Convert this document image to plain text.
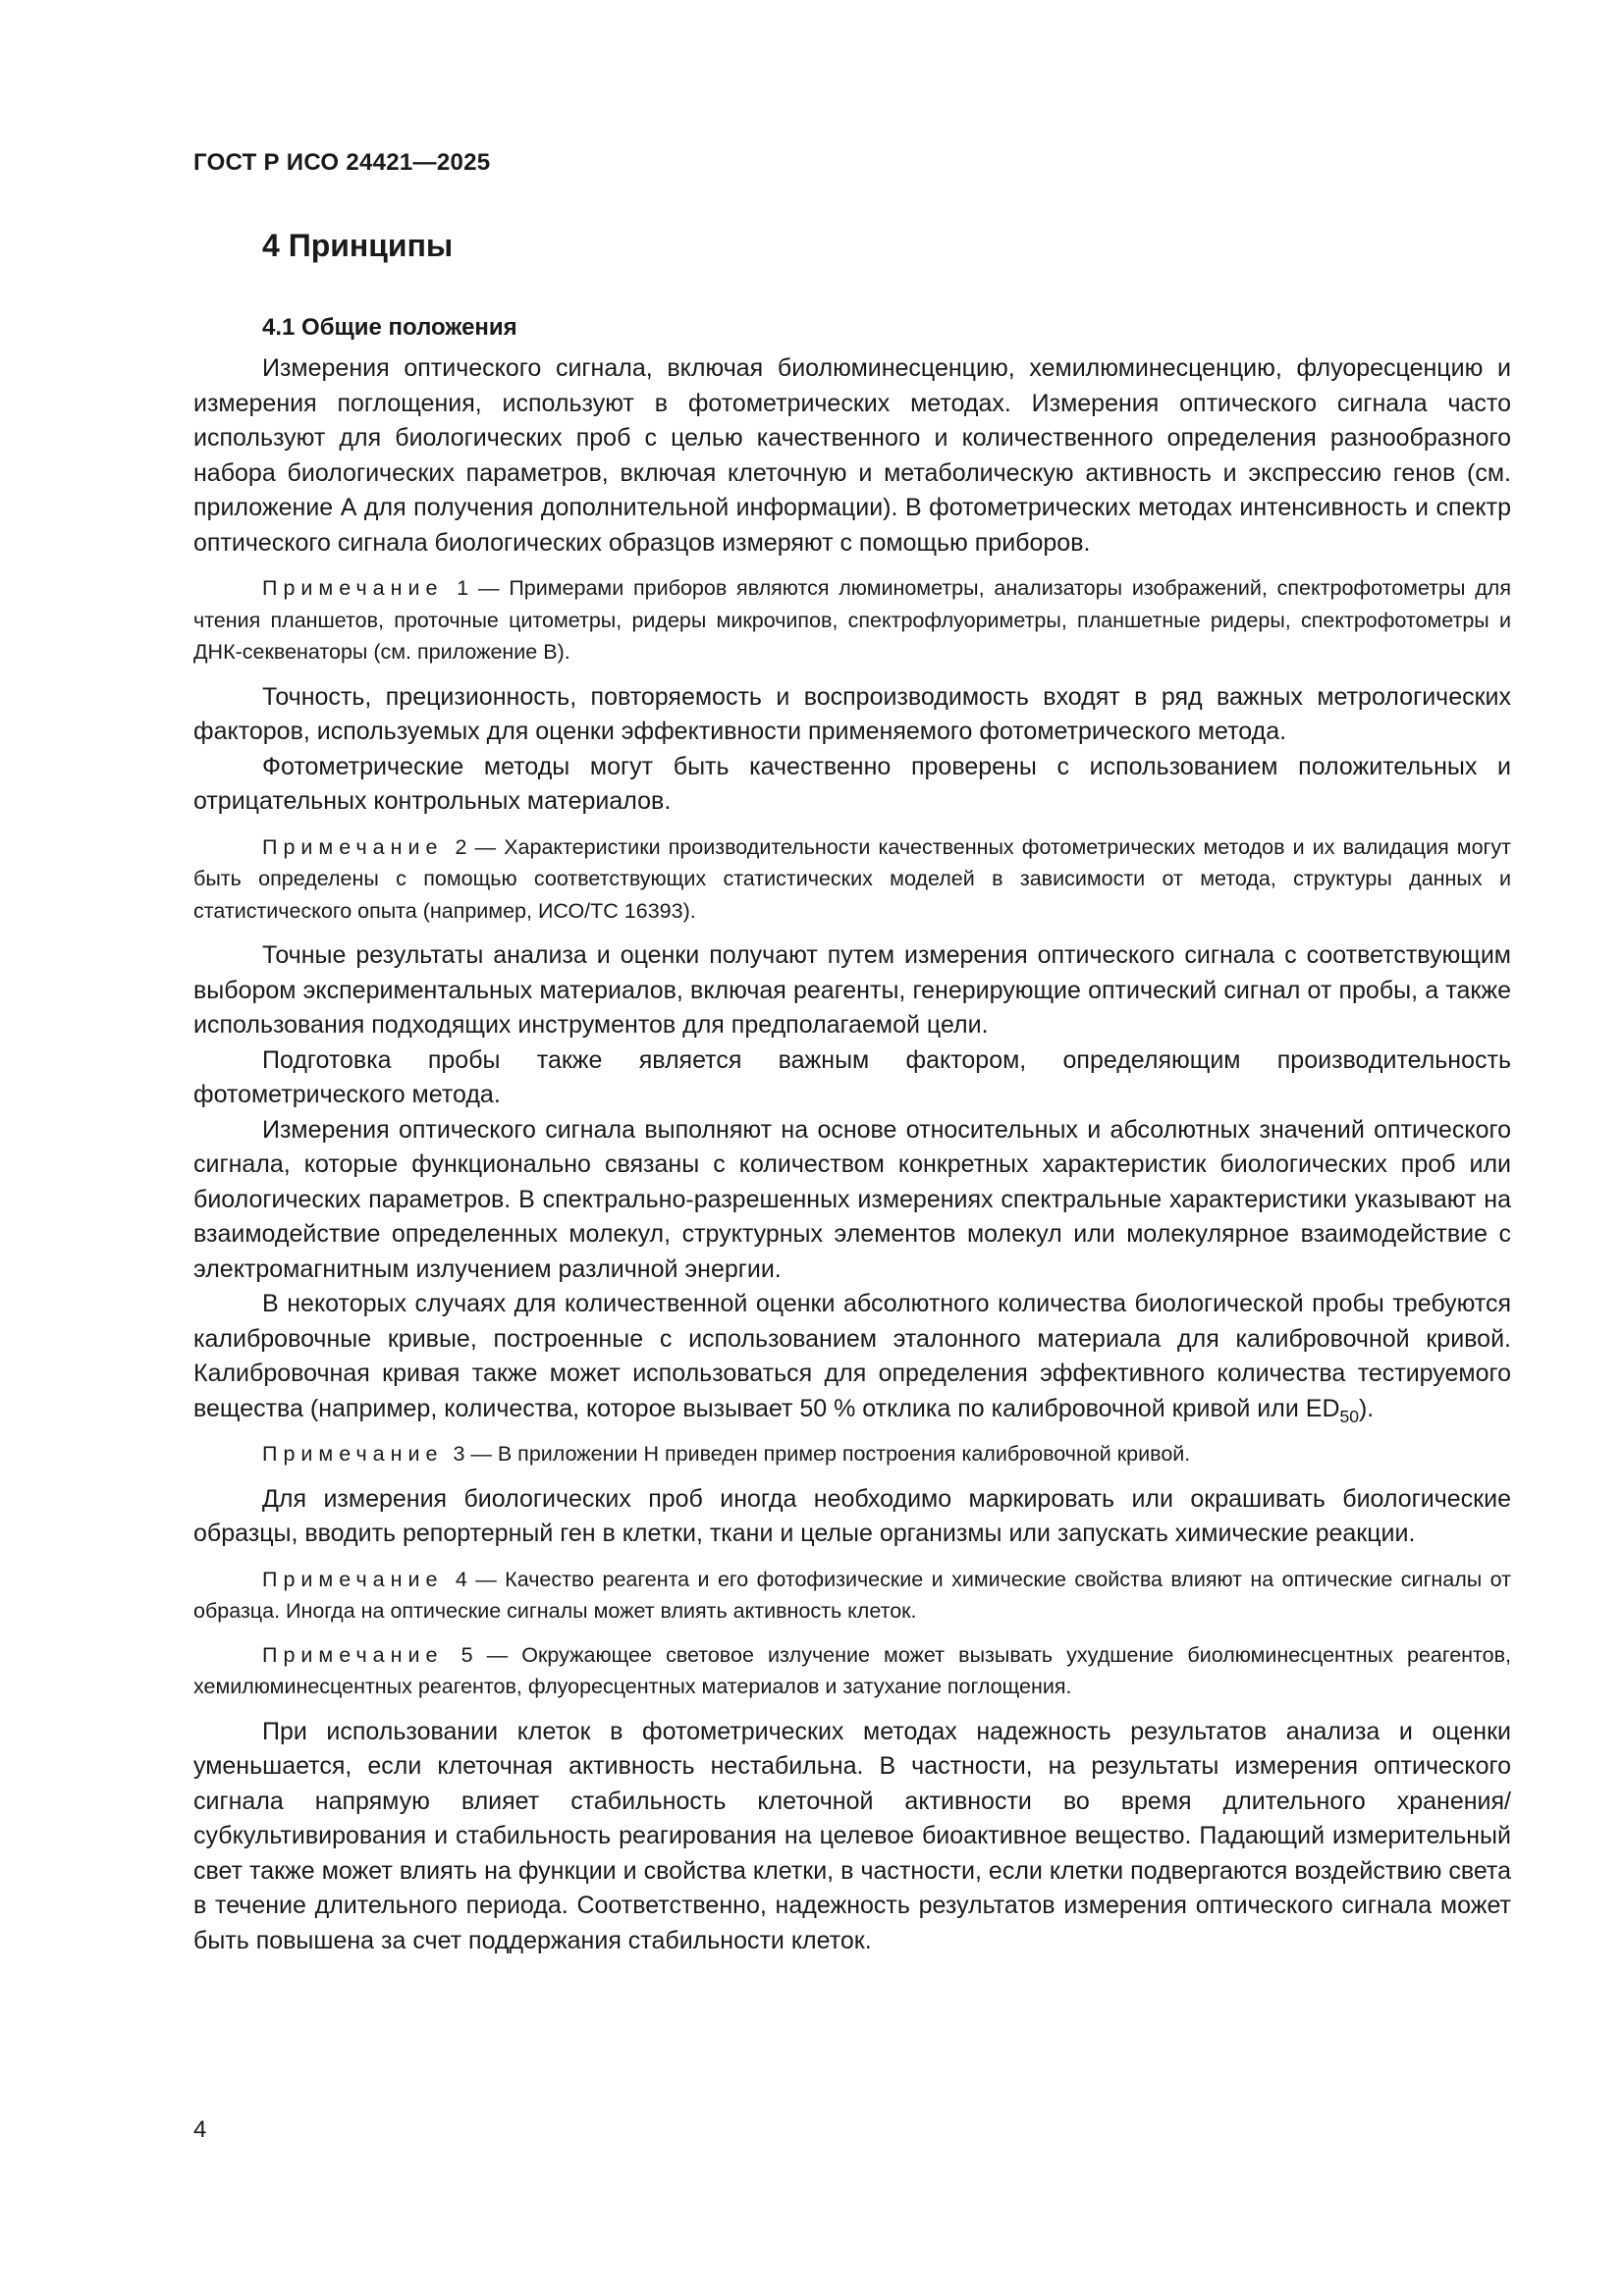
ГОСТ Р ИСО 24421—2025
4 Принципы
4.1 Общие положения

Измерения оптического сигнала, включая биолюминесценцию, хемилюминесценцию, флуоресценцию и измерения поглощения, используют в фотометрических методах. Измерения оптического сигнала часто используют для биологических проб с целью качественного и количественного определения разнообразного набора биологических параметров, включая клеточную и метаболическую активность и экспрессию генов (см. приложение А для получения дополнительной информации). В фотометрических методах интенсивность и спектр оптического сигнала биологических образцов измеряют с помощью приборов.

Примечание 1 — Примерами приборов являются люминометры, анализаторы изображений, спектрофотометры для чтения планшетов, проточные цитометры, ридеры микрочипов, спектрофлуориметры, планшетные ридеры, спектрофотометры и ДНК-секвенаторы (см. приложение В).

Точность, прецизионность, повторяемость и воспроизводимость входят в ряд важных метрологических факторов, используемых для оценки эффективности применяемого фотометрического метода.

Фотометрические методы могут быть качественно проверены с использованием положительных и отрицательных контрольных материалов.

Примечание 2 — Характеристики производительности качественных фотометрических методов и их валидация могут быть определены с помощью соответствующих статистических моделей в зависимости от метода, структуры данных и статистического опыта (например, ИСО/ТС 16393).

Точные результаты анализа и оценки получают путем измерения оптического сигнала с соответствующим выбором экспериментальных материалов, включая реагенты, генерирующие оптический сигнал от пробы, а также использования подходящих инструментов для предполагаемой цели.

Подготовка пробы также является важным фактором, определяющим производительность фотометрического метода.

Измерения оптического сигнала выполняют на основе относительных и абсолютных значений оптического сигнала, которые функционально связаны с количеством конкретных характеристик биологических проб или биологических параметров. В спектрально-разрешенных измерениях спектральные характеристики указывают на взаимодействие определенных молекул, структурных элементов молекул или молекулярное взаимодействие с электромагнитным излучением различной энергии.

В некоторых случаях для количественной оценки абсолютного количества биологической пробы требуются калибровочные кривые, построенные с использованием эталонного материала для калибровочной кривой. Калибровочная кривая также может использоваться для определения эффективного количества тестируемого вещества (например, количества, которое вызывает 50 % отклика по калибровочной кривой или $ED_{50}$).

Примечание 3 — В приложении Н приведен пример построения калибровочной кривой.

Для измерения биологических проб иногда необходимо маркировать или окрашивать биологические образцы, вводить репортерный ген в клетки, ткани и целые организмы или запускать химические реакции.

Примечание 4 — Качество реагента и его фотофизические и химические свойства влияют на оптические сигналы от образца. Иногда на оптические сигналы может влиять активность клеток.

Примечание 5 — Окружающее световое излучение может вызывать ухудшение биолюминесцентных реагентов, хемилюминесцентных реагентов, флуоресцентных материалов и затухание поглощения.

При использовании клеток в фотометрических методах надежность результатов анализа и оценки уменьшается, если клеточная активность нестабильна. В частности, на результаты измерения оптического сигнала напрямую влияет стабильность клеточной активности во время длительного хранения/субкультивирования и стабильность реагирования на целевое биоактивное вещество. Падающий измерительный свет также может влиять на функции и свойства клетки, в частности, если клетки подвергаются воздействию света в течение длительного периода. Соответственно, надежность результатов измерения оптического сигнала может быть повышена за счет поддержания стабильности клеток.

4
